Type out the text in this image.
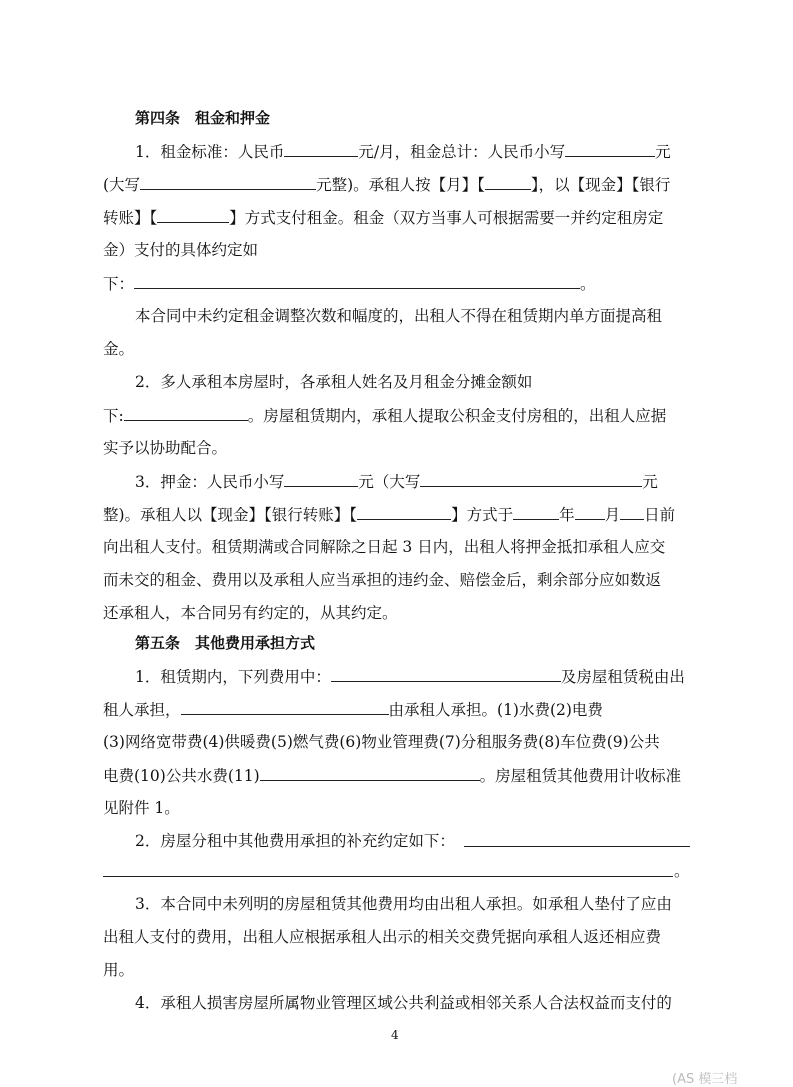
第四条　租金和押金
1．租金标准：人民币	元/月，租金总计：人民币小写	元
(大写	元整)。承租人按【月】【	】，以【现金】【银行
转账】【	】方式支付租金。租金（双方当事人可根据需要一并约定租房定
金）支付的具体约定如
下：	。
本合同中未约定租金调整次数和幅度的，出租人不得在租赁期内单方面提高租
金。
2．多人承租本房屋时，各承租人姓名及月租金分摊金额如
下:	。房屋租赁期内，承租人提取公积金支付房租的，出租人应据
实予以协助配合。
3．押金：人民币小写	元（大写	元
整)。承租人以【现金】【银行转账】【	】方式于	年 月 日前
向出租人支付。租赁期满或合同解除之日起 3 日内，出租人将押金抵扣承租人应交
而未交的租金、费用以及承租人应当承担的违约金、赔偿金后，剩余部分应如数返
还承租人，本合同另有约定的，从其约定。
第五条　其他费用承担方式
1．租赁期内，下列费用中：	及房屋租赁税由出
租人承担，	由承租人承担。(1)水费(2)电费
(3)网络宽带费(4)供暖费(5)燃气费(6)物业管理费(7)分租服务费(8)车位费(9)公共
电费(10)公共水费(11)	。房屋租赁其他费用计收标准
见附件 1。
2．房屋分租中其他费用承担的补充约定如下：
。
3．本合同中未列明的房屋租赁其他费用均由出租人承担。如承租人垫付了应由
出租人支付的费用，出租人应根据承租人出示的相关交费凭据向承租人返还相应费
用。
4．承租人损害房屋所属物业管理区域公共利益或相邻关系人合法权益而支付的
4
(AS 模三档
